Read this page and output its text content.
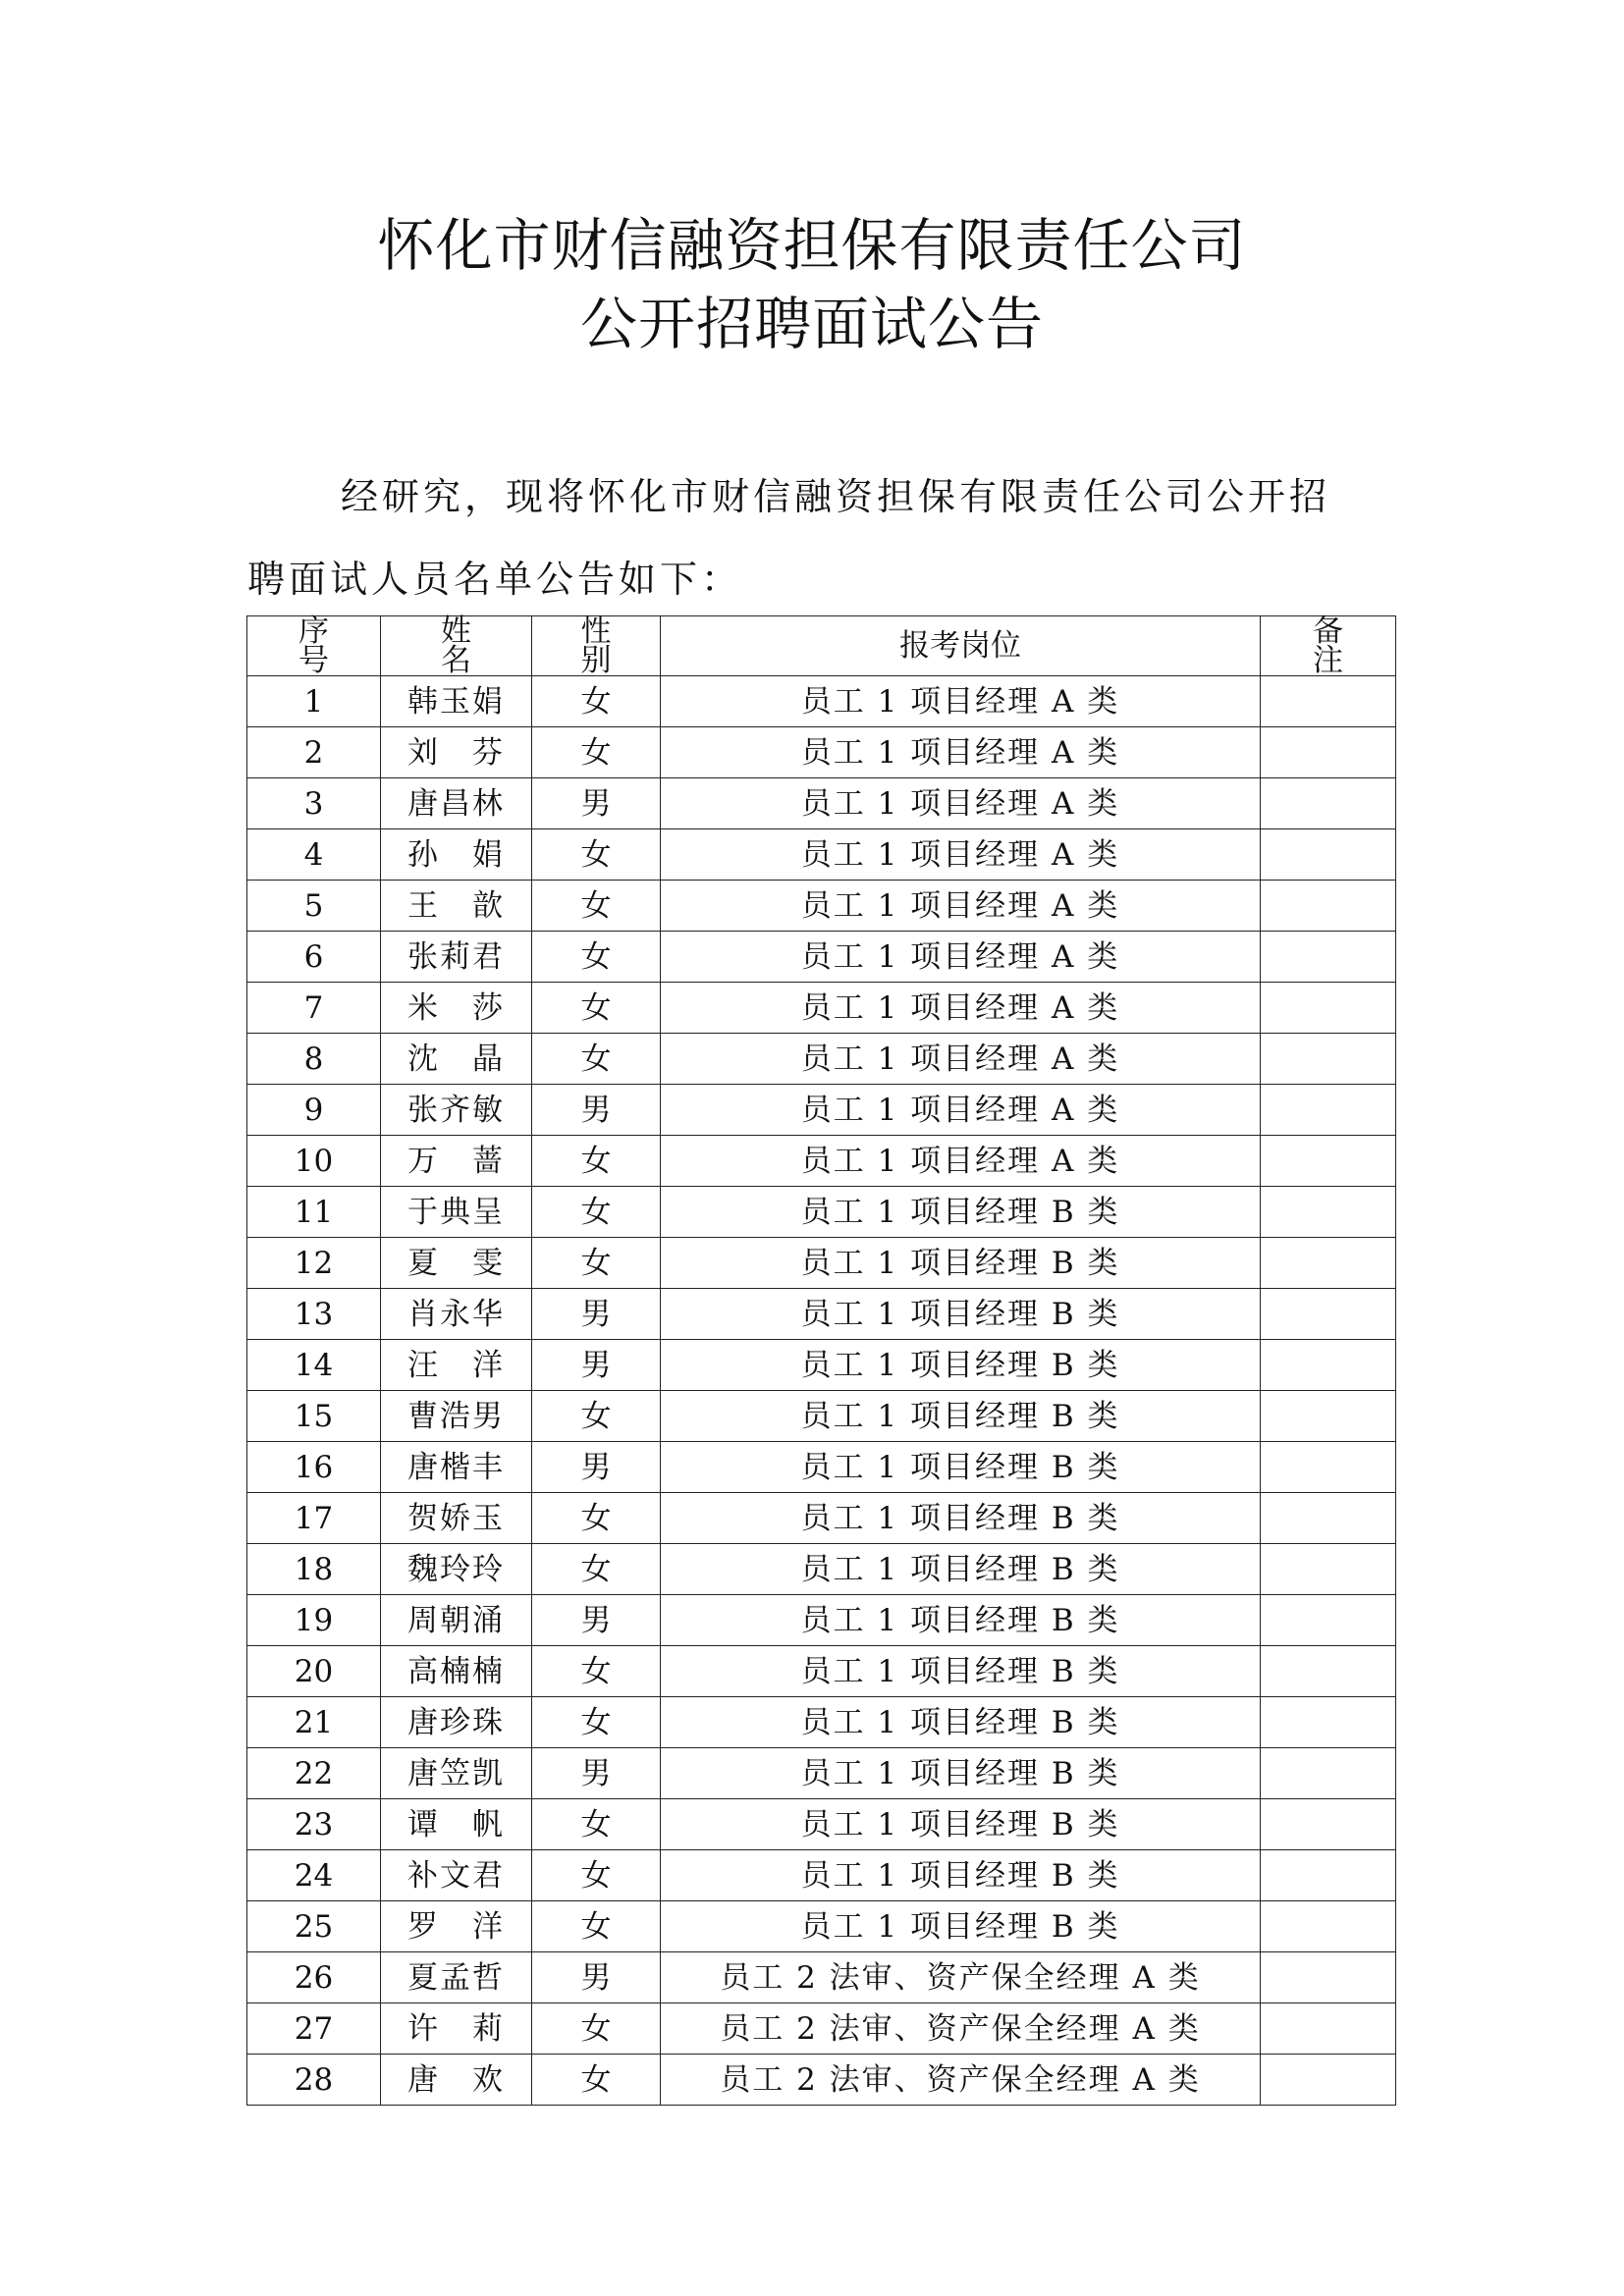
怀化市财信融资担保有限责任公司
公开招聘面试公告
经研究，现将怀化市财信融资担保有限责任公司公开招
聘面试人员名单公告如下：
序 号	姓 名	性 别	报考岗位	备 注
1	韩玉娟	女	员工 1 项目经理 A 类	
2	刘　芬	女	员工 1 项目经理 A 类	
3	唐昌林	男	员工 1 项目经理 A 类	
4	孙　娟	女	员工 1 项目经理 A 类	
5	王　歆	女	员工 1 项目经理 A 类	
6	张莉君	女	员工 1 项目经理 A 类	
7	米　莎	女	员工 1 项目经理 A 类	
8	沈　晶	女	员工 1 项目经理 A 类	
9	张齐敏	男	员工 1 项目经理 A 类	
10	万　蔷	女	员工 1 项目经理 A 类	
11	于典呈	女	员工 1 项目经理 B 类	
12	夏　雯	女	员工 1 项目经理 B 类	
13	肖永华	男	员工 1 项目经理 B 类	
14	汪　洋	男	员工 1 项目经理 B 类	
15	曹浩男	女	员工 1 项目经理 B 类	
16	唐楷丰	男	员工 1 项目经理 B 类	
17	贺娇玉	女	员工 1 项目经理 B 类	
18	魏玲玲	女	员工 1 项目经理 B 类	
19	周朝涌	男	员工 1 项目经理 B 类	
20	高楠楠	女	员工 1 项目经理 B 类	
21	唐珍珠	女	员工 1 项目经理 B 类	
22	唐笠凯	男	员工 1 项目经理 B 类	
23	谭　帆	女	员工 1 项目经理 B 类	
24	补文君	女	员工 1 项目经理 B 类	
25	罗　洋	女	员工 1 项目经理 B 类	
26	夏孟哲	男	员工 2 法审、资产保全经理 A 类	
27	许　莉	女	员工 2 法审、资产保全经理 A 类	
28	唐　欢	女	员工 2 法审、资产保全经理 A 类	
